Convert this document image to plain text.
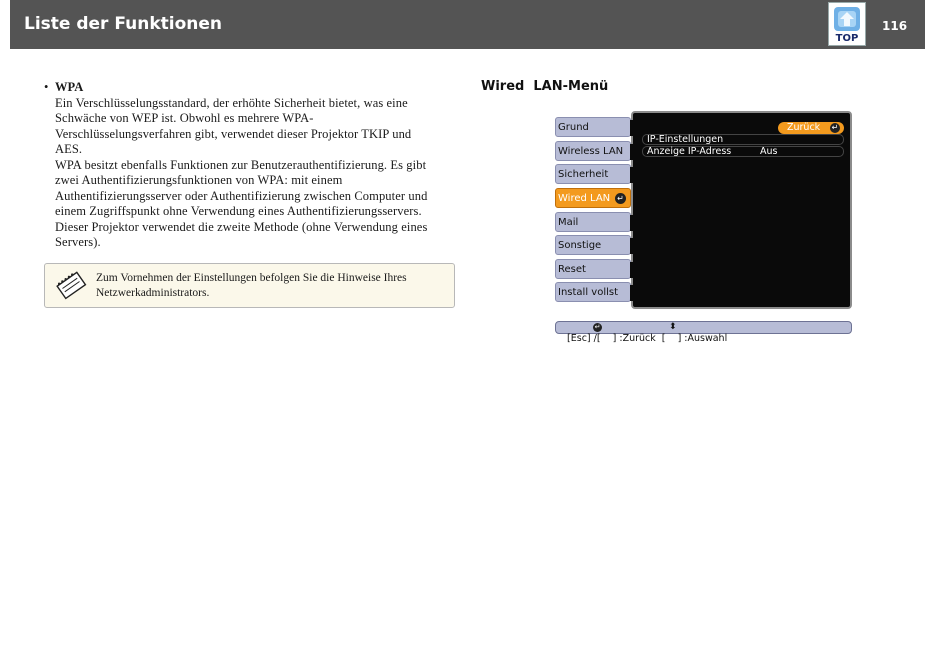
Liste der Funktionen
TOP
116
• WPA
Ein Verschlüsselungsstandard, der erhöhte Sicherheit bietet, was eine
Schwäche von WEP ist. Obwohl es mehrere WPA-
Verschlüsselungsverfahren gibt, verwendet dieser Projektor TKIP und
AES.
WPA besitzt ebenfalls Funktionen zur Benutzerauthentifizierung. Es gibt
zwei Authentifizierungsfunktionen von WPA: mit einem
Authentifizierungsserver oder Authentifizierung zwischen Computer und
einem Zugriffspunkt ohne Verwendung eines Authentifizierungsservers.
Dieser Projektor verwendet die zweite Methode (ohne Verwendung eines
Servers).
Zum Vornehmen der Einstellungen befolgen Sie die Hinweise Ihres
Netzwerkadministrators.
Wired  LAN-Menü
Grund
Wireless LAN
Sicherheit
Wired LAN ↵
Mail
Sonstige
Reset
Install vollst
Zurück ↵
IP-Einstellungen
Anzeige IP-Adress	Aus

[Esc] /[    ] :Zurück  [    ] :Auswahl

↵

	⬍
